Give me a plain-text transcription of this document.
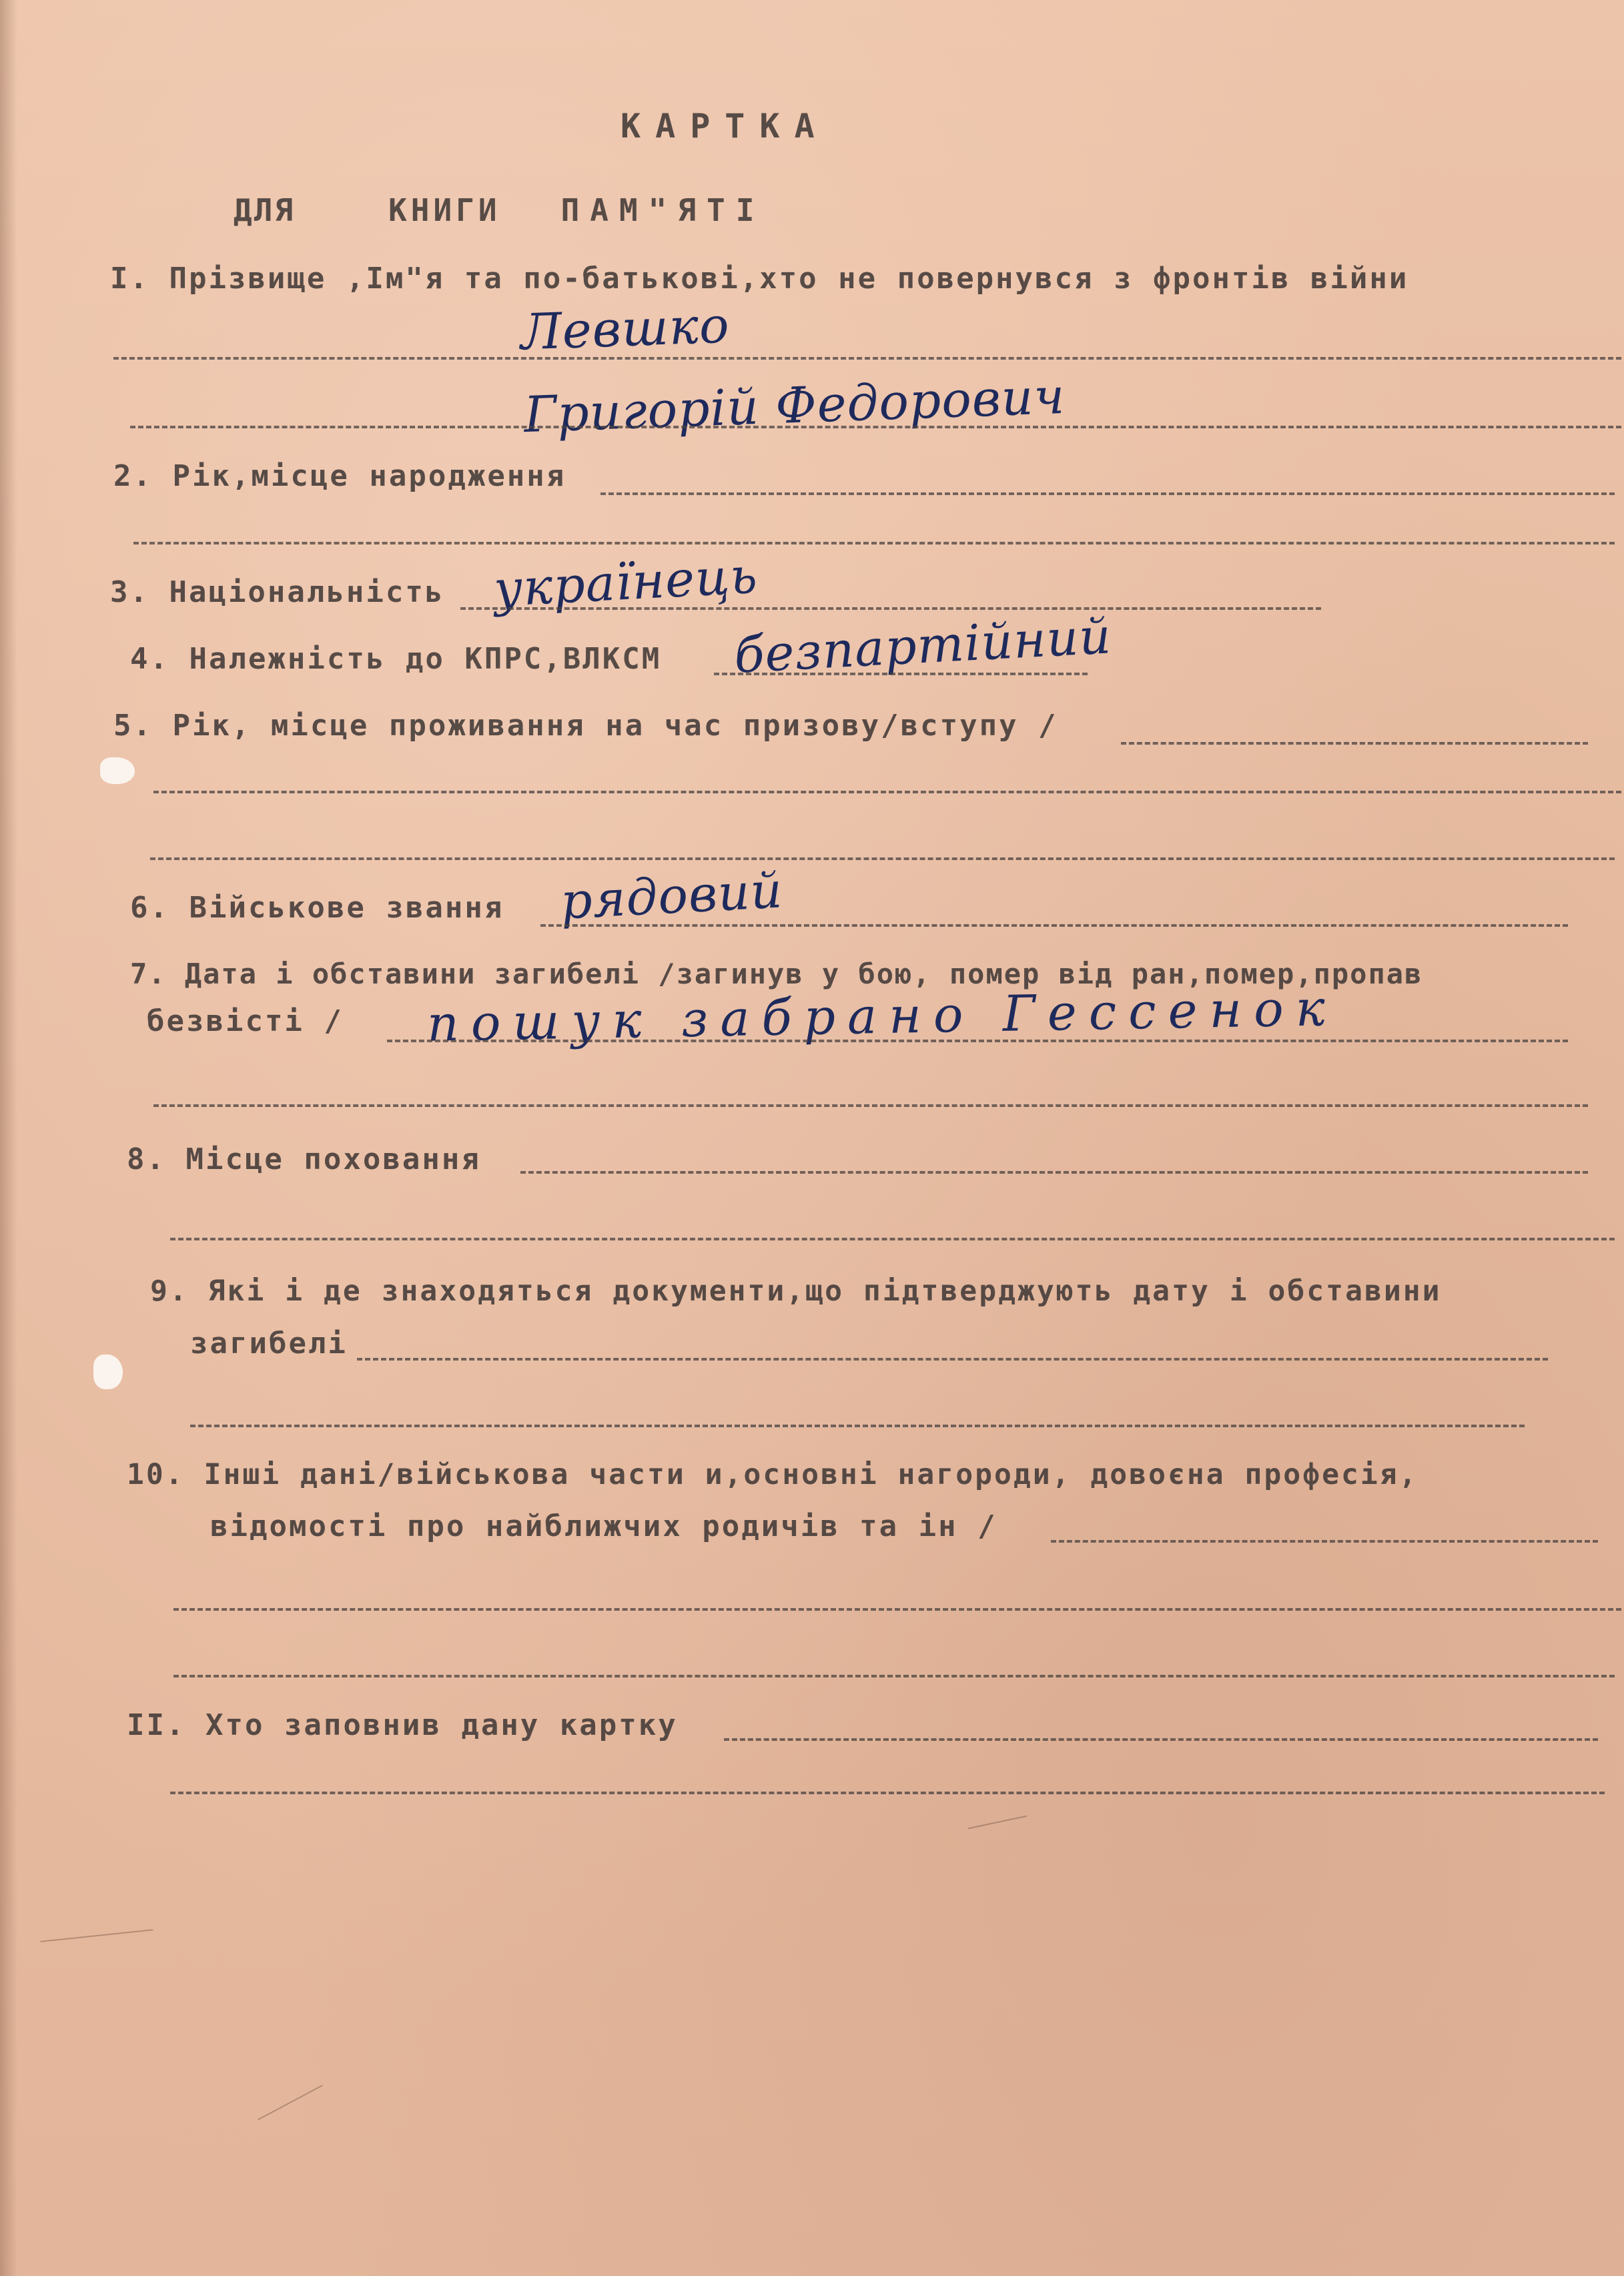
КАРТКА
ДЛЯ	КНИГИ ПАМ"ЯТІ
І. Прізвище ,Ім"я та по-батькові,хто не повернувся з фронтів війни
Левшко
Григорій Федорович
2. Рік,місце народження
3. Національність українець
4. Належність до КПРС,ВЛКСМ безпартійний
5. Рік, місце проживання на час призову/вступу /
6. Військове звання рядовий
7. Дата і обставини загибелі /загинув у бою, помер від ран,помер,пропав
безвісті / пошук забрано Гессенок
8. Місце поховання
9. Які і де знаходяться документи,що підтверджують дату і обставини
загибелі
10. Інші дані/військова части и,основні нагороди, довоєна професія,
відомості про найближчих родичів та ін /
ІІ. Хто заповнив дану картку
